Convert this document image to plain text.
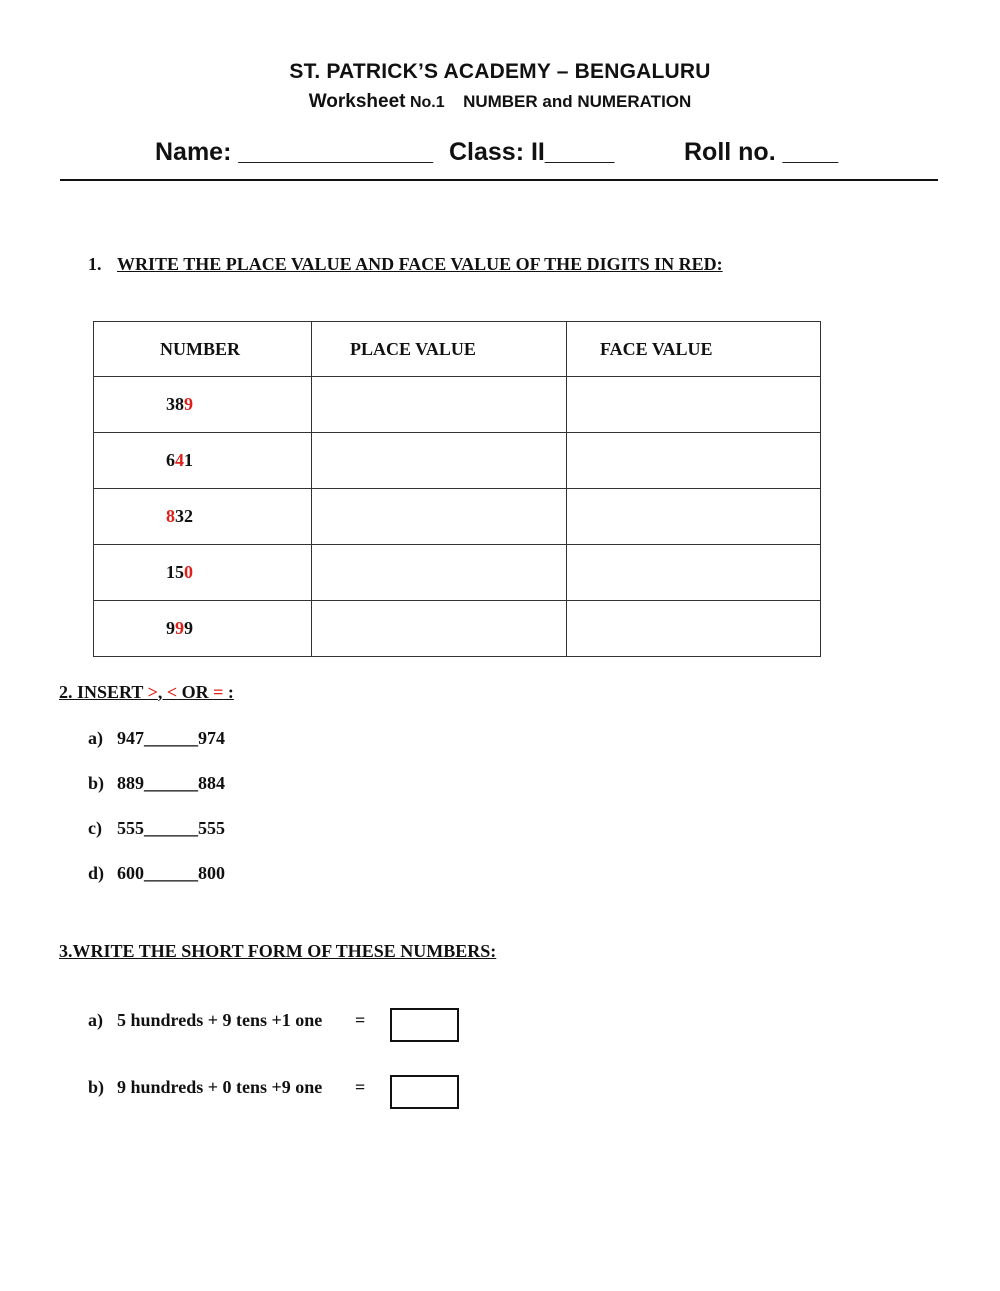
ST. PATRICK’S ACADEMY – BENGALURU
Worksheet No.1 NUMBER and NUMERATION
Name: ______________ Class: II_____	Roll no. ____
1. WRITE THE PLACE VALUE AND FACE VALUE OF THE DIGITS IN RED:
NUMBER	PLACE VALUE	FACE VALUE
389		
641		
832		
150		
999		
2. INSERT >, < OR = :
a) 947______974
b) 889______884
c) 555______555
d) 600______800
3.WRITE THE SHORT FORM OF THESE NUMBERS:
a) 5 hundreds + 9 tens +1 one =
b) 9 hundreds + 0 tens +9 one =
